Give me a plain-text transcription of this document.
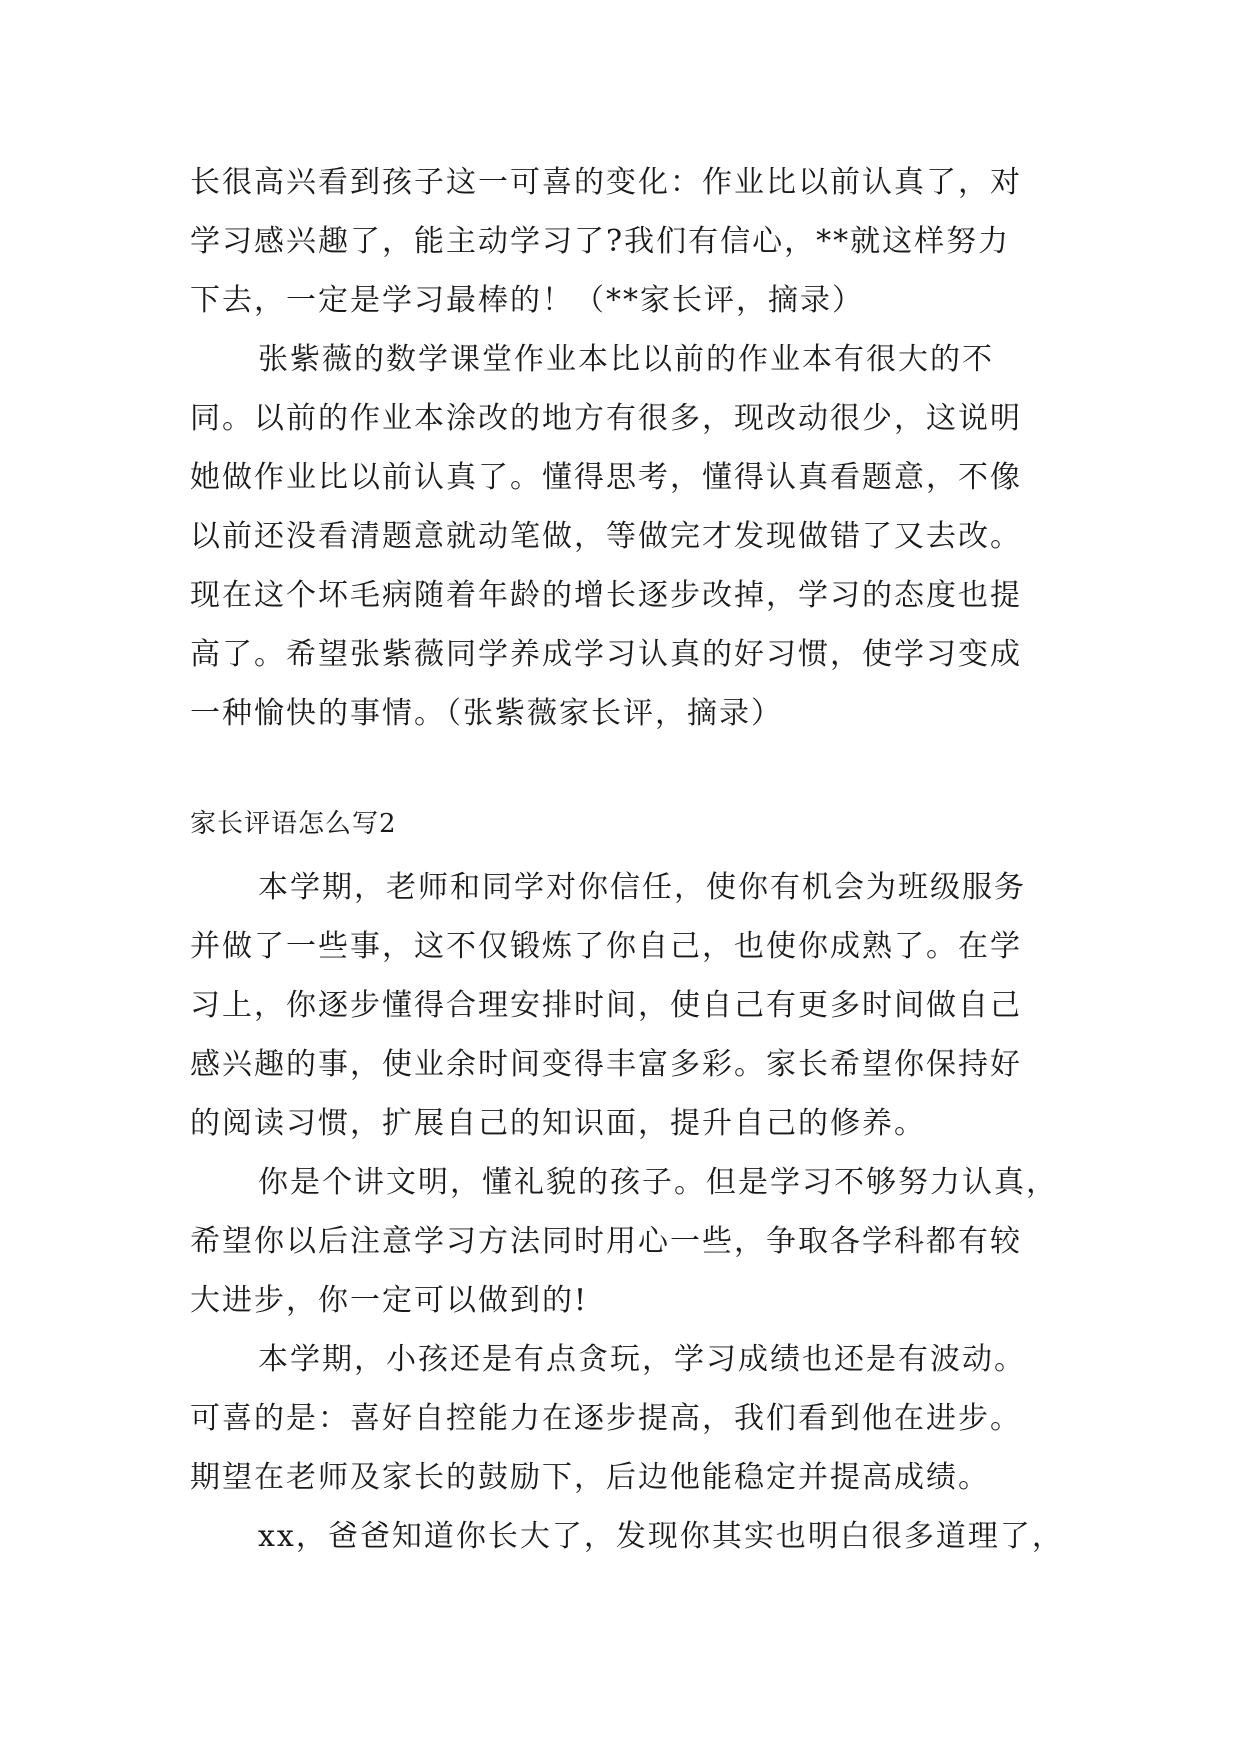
长很高兴看到孩子这一可喜的变化：作业比以前认真了，对
学习感兴趣了，能主动学习了?我们有信心，**就这样努力
下去，一定是学习最棒的！（**家长评，摘录）
张紫薇的数学课堂作业本比以前的作业本有很大的不
同。以前的作业本涂改的地方有很多，现改动很少，这说明
她做作业比以前认真了。懂得思考，懂得认真看题意，不像
以前还没看清题意就动笔做，等做完才发现做错了又去改。
现在这个坏毛病随着年龄的增长逐步改掉，学习的态度也提
高了。希望张紫薇同学养成学习认真的好习惯，使学习变成
一种愉快的事情。（张紫薇家长评，摘录）
家长评语怎么写2
本学期，老师和同学对你信任，使你有机会为班级服务
并做了一些事，这不仅锻炼了你自己，也使你成熟了。在学
习上，你逐步懂得合理安排时间，使自己有更多时间做自己
感兴趣的事，使业余时间变得丰富多彩。家长希望你保持好
的阅读习惯，扩展自己的知识面，提升自己的修养。
你是个讲文明，懂礼貌的孩子。但是学习不够努力认真，
希望你以后注意学习方法同时用心一些，争取各学科都有较
大进步，你一定可以做到的!
本学期，小孩还是有点贪玩，学习成绩也还是有波动。
可喜的是：喜好自控能力在逐步提高，我们看到他在进步。
期望在老师及家长的鼓励下，后边他能稳定并提高成绩。
xx，爸爸知道你长大了，发现你其实也明白很多道理了，
